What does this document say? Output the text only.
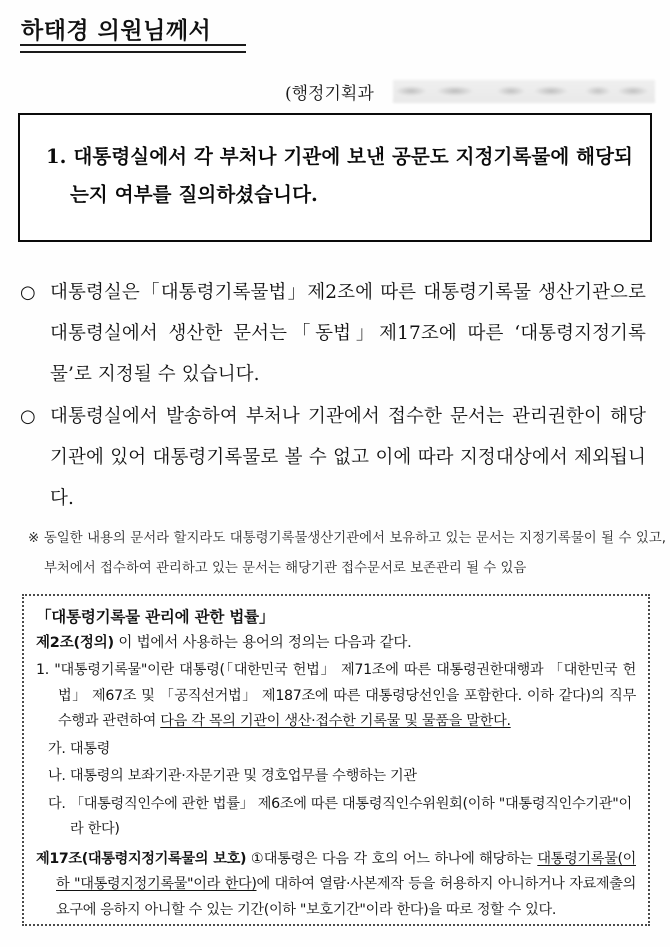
하태경 의원님께서
(행정기획과
1. 대통령실에서 각 부처나 기관에 보낸 공문도 지정기록물에 해당되는지 여부를 질의하셨습니다.
○ 대통령실은「대통령기록물법」제2조에 따른 대통령기록물 생산기관으로 대통령실에서 생산한 문서는「동법」제17조에 따른 ‘대통령지정기록물’로 지정될 수 있습니다.
○ 대통령실에서 발송하여 부처나 기관에서 접수한 문서는 관리권한이 해당기관에 있어 대통령기록물로 볼 수 없고 이에 따라 지정대상에서 제외됩니다.
※ 동일한 내용의 문서라 할지라도 대통령기록물생산기관에서 보유하고 있는 문서는 지정기록물이 될 수 있고, 부처에서 접수하여 관리하고 있는 문서는 해당기관 접수문서로 보존관리 될 수 있음
「대통령기록물 관리에 관한 법률」
제2조(정의) 이 법에서 사용하는 용어의 정의는 다음과 같다.
1. "대통령기록물"이란 대통령(「대한민국 헌법」 제71조에 따른 대통령권한대행과 「대한민국 헌법」 제67조 및 「공직선거법」 제187조에 따른 대통령당선인을 포함한다. 이하 같다)의 직무수행과 관련하여 다음 각 목의 기관이 생산·접수한 기록물 및 물품을 말한다.
가. 대통령
나. 대통령의 보좌기관·자문기관 및 경호업무를 수행하는 기관
다. 「대통령직인수에 관한 법률」 제6조에 따른 대통령직인수위원회(이하 "대통령직인수기관"이라 한다)
제17조(대통령지정기록물의 보호) ①대통령은 다음 각 호의 어느 하나에 해당하는 대통령기록물(이하 "대통령지정기록물"이라 한다)에 대하여 열람·사본제작 등을 허용하지 아니하거나 자료제출의 요구에 응하지 아니할 수 있는 기간(이하 "보호기간"이라 한다)을 따로 정할 수 있다.
